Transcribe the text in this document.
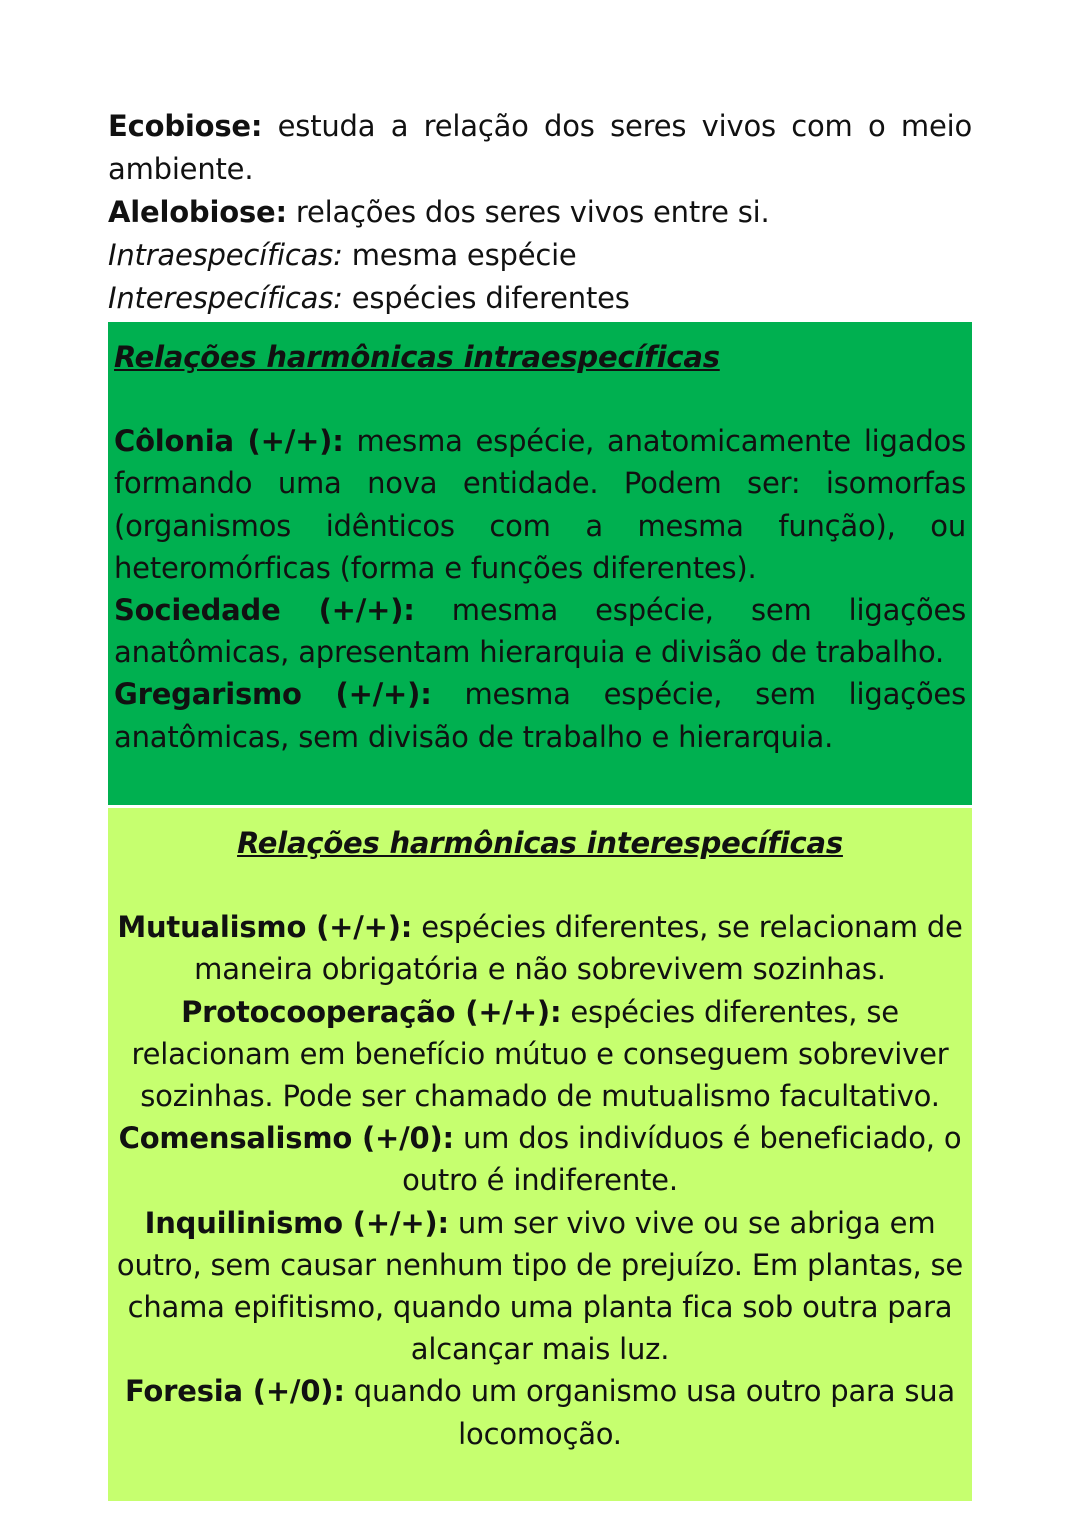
Ecobiose: estuda a relação dos seres vivos com o meio ambiente.

Alelobiose: relações dos seres vivos entre si.

Intraespecíficas: mesma espécie

Interespecíficas: espécies diferentes

Relações harmônicas intraespecíficas

Côlonia (+/+): mesma espécie, anatomicamente ligados formando uma nova entidade. Podem ser: isomorfas (organismos idênticos com a mesma função), ou heteromórficas (forma e funções diferentes).

Sociedade (+/+): mesma espécie, sem ligações anatômicas, apresentam hierarquia e divisão de trabalho.

Gregarismo (+/+): mesma espécie, sem ligações anatômicas, sem divisão de trabalho e hierarquia.

Relações harmônicas interespecíficas

Mutualismo (+/+): espécies diferentes, se relacionam de maneira obrigatória e não sobrevivem sozinhas.

Protocooperação (+/+): espécies diferentes, se relacionam em benefício mútuo e conseguem sobreviver sozinhas. Pode ser chamado de mutualismo facultativo.

Comensalismo (+/0): um dos indivíduos é beneficiado, o outro é indiferente.

Inquilinismo (+/+): um ser vivo vive ou se abriga em outro, sem causar nenhum tipo de prejuízo. Em plantas, se chama epifitismo, quando uma planta fica sob outra para alcançar mais luz.

Foresia (+/0): quando um organismo usa outro para sua locomoção.
